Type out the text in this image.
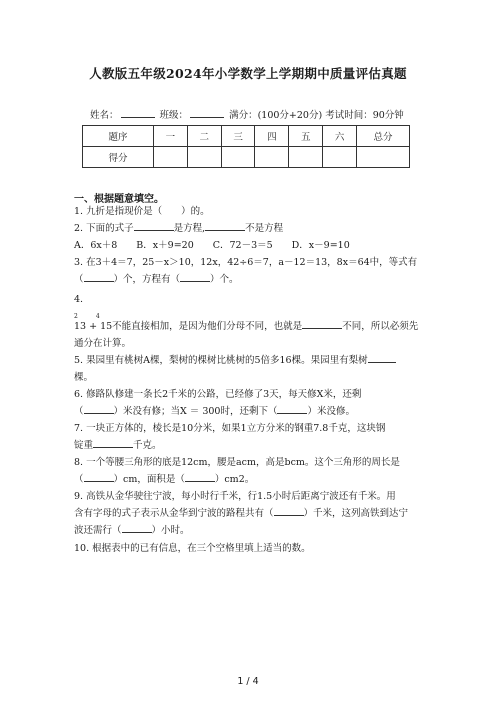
人教版五年级2024年小学数学上学期期中质量评估真题
姓名：	班级：	满分：(100分+20分) 考试时间：90分钟
题序	一	二	三	四	五	六	总分
得分							
一、根据题意填空。
1. 九折是指现价是（　　）的。
2. 下面的式子	是方程,	不是方程
A．6x＋8　　B．x＋9=20　　C．72－3＝5　　D．x－9=10
3. 在3＋4＝7，25－x＞10，12x，42÷6＝7，a－12＝13，8x＝64中，等式有
（	）个，方程有（	）个。
4.
2　　　4
13 + 15不能直接相加，是因为他们分母不同，也就是	不同，所以必须先
通分在计算。
5. 果园里有桃树A棵，梨树的棵树比桃树的5倍多16棵。果园里有梨树
棵。
6. 修路队修建一条长2千米的公路，已经修了3天，每天修X米，还剩
（	）米没有修；当X ＝ 300时，还剩下（	）米没修。
7. 一块正方体的，棱长是10分米，如果1立方分米的钢重7.8千克，这块钢
锭重	千克。
8. 一个等腰三角形的底是12cm，腰是acm，高是bcm。这个三角形的周长是
（	）cm，面积是（	）cm2。
9. 高铁从金华驶往宁波，每小时行千米，行1.5小时后距离宁波还有千米。用
含有字母的式子表示从金华到宁波的路程共有（	）千米，这列高铁到达宁
波还需行（	）小时。
10. 根据表中的已有信息，在三个空格里填上适当的数。
1 / 4
